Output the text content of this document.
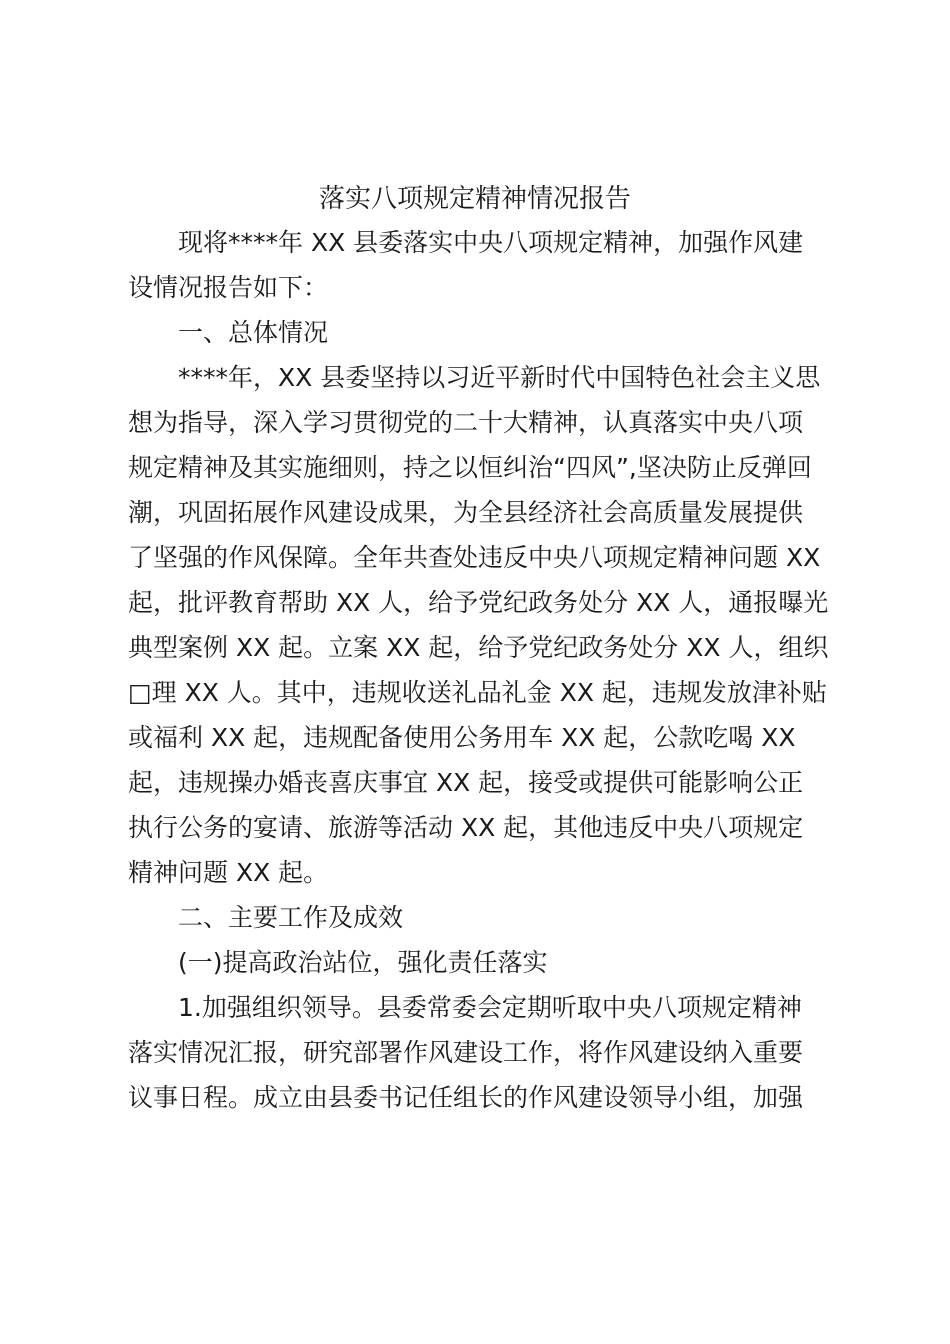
落实八项规定精神情况报告
　　现将****年 XX 县委落实中央八项规定精神，加强作风建
设情况报告如下：
　　一、总体情况
　　****年，XX 县委坚持以习近平新时代中国特色社会主义思
想为指导，深入学习贯彻党的二十大精神，认真落实中央八项
规定精神及其实施细则，持之以恒纠治“四风”,坚决防止反弹回
潮，巩固拓展作风建设成果，为全县经济社会高质量发展提供
了坚强的作风保障。全年共查处违反中央八项规定精神问题 XX
起，批评教育帮助 XX 人，给予党纪政务处分 XX 人，通报曝光
典型案例 XX 起。立案 XX 起，给予党纪政务处分 XX 人，组织
□理 XX 人。其中，违规收送礼品礼金 XX 起，违规发放津补贴
或福利 XX 起，违规配备使用公务用车 XX 起，公款吃喝 XX
起，违规操办婚丧喜庆事宜 XX 起，接受或提供可能影响公正
执行公务的宴请、旅游等活动 XX 起，其他违反中央八项规定
精神问题 XX 起。
　　二、主要工作及成效
　　(一)提高政治站位，强化责任落实
　　1.加强组织领导。县委常委会定期听取中央八项规定精神
落实情况汇报，研究部署作风建设工作，将作风建设纳入重要
议事日程。成立由县委书记任组长的作风建设领导小组，加强
